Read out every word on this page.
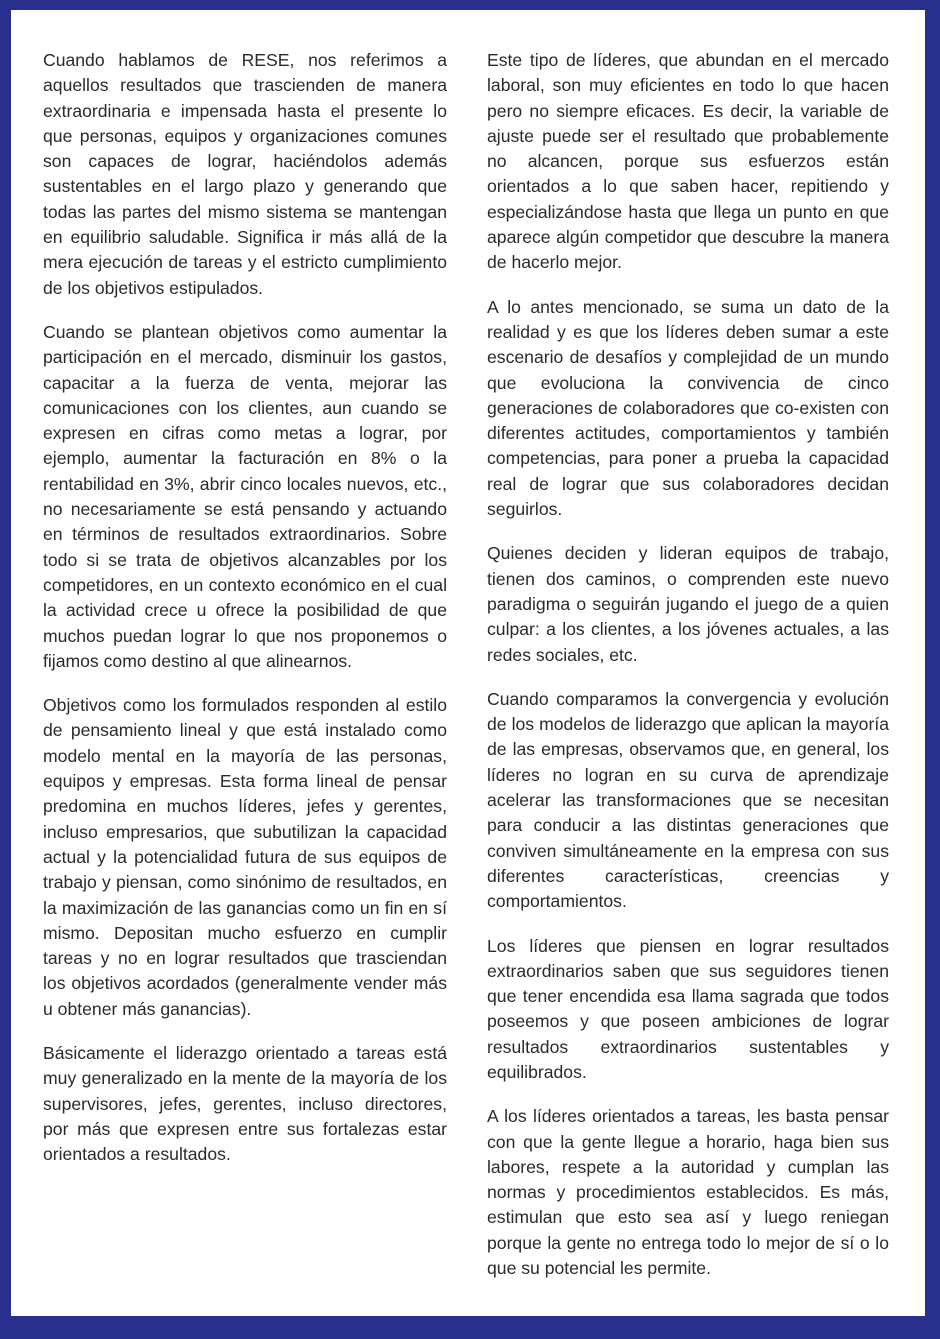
Cuando hablamos de RESE, nos referimos a aquellos resultados que trascienden de manera extraordinaria e impensada hasta el presente lo que personas, equipos y organizaciones comunes son capaces de lograr, haciéndolos además sustentables en el largo plazo y generando que todas las partes del mismo sistema se mantengan en equilibrio saludable. Significa ir más allá de la mera ejecución de tareas y el estricto cumplimiento de los objetivos estipulados.

Cuando se plantean objetivos como aumentar la participación en el mercado, disminuir los gastos, capacitar a la fuerza de venta, mejorar las comunicaciones con los clientes, aun cuando se expresen en cifras como metas a lograr, por ejemplo, aumentar la facturación en 8% o la rentabilidad en 3%, abrir cinco locales nuevos, etc., no necesariamente se está pensando y actuando en términos de resultados extraordinarios. Sobre todo si se trata de objetivos alcanzables por los competidores, en un contexto económico en el cual la actividad crece u ofrece la posibilidad de que muchos puedan lograr lo que nos proponemos o fijamos como destino al que alinearnos.

Objetivos como los formulados responden al estilo de pensamiento lineal y que está instalado como modelo mental en la mayoría de las personas, equipos y empresas. Esta forma lineal de pensar predomina en muchos líderes, jefes y gerentes, incluso empresarios, que subutilizan la capacidad actual y la potencialidad futura de sus equipos de trabajo y piensan, como sinónimo de resultados, en la maximización de las ganancias como un fin en sí mismo. Depositan mucho esfuerzo en cumplir tareas y no en lograr resultados que trasciendan los objetivos acordados (generalmente vender más u obtener más ganancias).

Básicamente el liderazgo orientado a tareas está muy generalizado en la mente de la mayoría de los supervisores, jefes, gerentes, incluso directores, por más que expresen entre sus fortalezas estar orientados a resultados.

Este tipo de líderes, que abundan en el mercado laboral, son muy eficientes en todo lo que hacen pero no siempre eficaces. Es decir, la variable de ajuste puede ser el resultado que probablemente no alcancen, porque sus esfuerzos están orientados a lo que saben hacer, repitiendo y especializándose hasta que llega un punto en que aparece algún competidor que descubre la manera de hacerlo mejor.

A lo antes mencionado, se suma un dato de la realidad y es que los líderes deben sumar a este escenario de desafíos y complejidad de un mundo que evoluciona la convivencia de cinco generaciones de colaboradores que co-existen con diferentes actitudes, comportamientos y también competencias, para poner a prueba la capacidad real de lograr que sus colaboradores decidan seguirlos.

Quienes deciden y lideran equipos de trabajo, tienen dos caminos, o comprenden este nuevo paradigma o seguirán jugando el juego de a quien culpar: a los clientes, a los jóvenes actuales, a las redes sociales, etc.

Cuando comparamos la convergencia y evolución de los modelos de liderazgo que aplican la mayoría de las empresas, observamos que, en general, los líderes no logran en su curva de aprendizaje acelerar las transformaciones que se necesitan para conducir a las distintas generaciones que conviven simultáneamente en la empresa con sus diferentes características, creencias y comportamientos.

Los líderes que piensen en lograr resultados extraordinarios saben que sus seguidores tienen que tener encendida esa llama sagrada que todos poseemos y que poseen ambiciones de lograr resultados extraordinarios sustentables y equilibrados.

A los líderes orientados a tareas, les basta pensar con que la gente llegue a horario, haga bien sus labores, respete a la autoridad y cumplan las normas y procedimientos establecidos. Es más, estimulan que esto sea así y luego reniegan porque la gente no entrega todo lo mejor de sí o lo que su potencial les permite.
